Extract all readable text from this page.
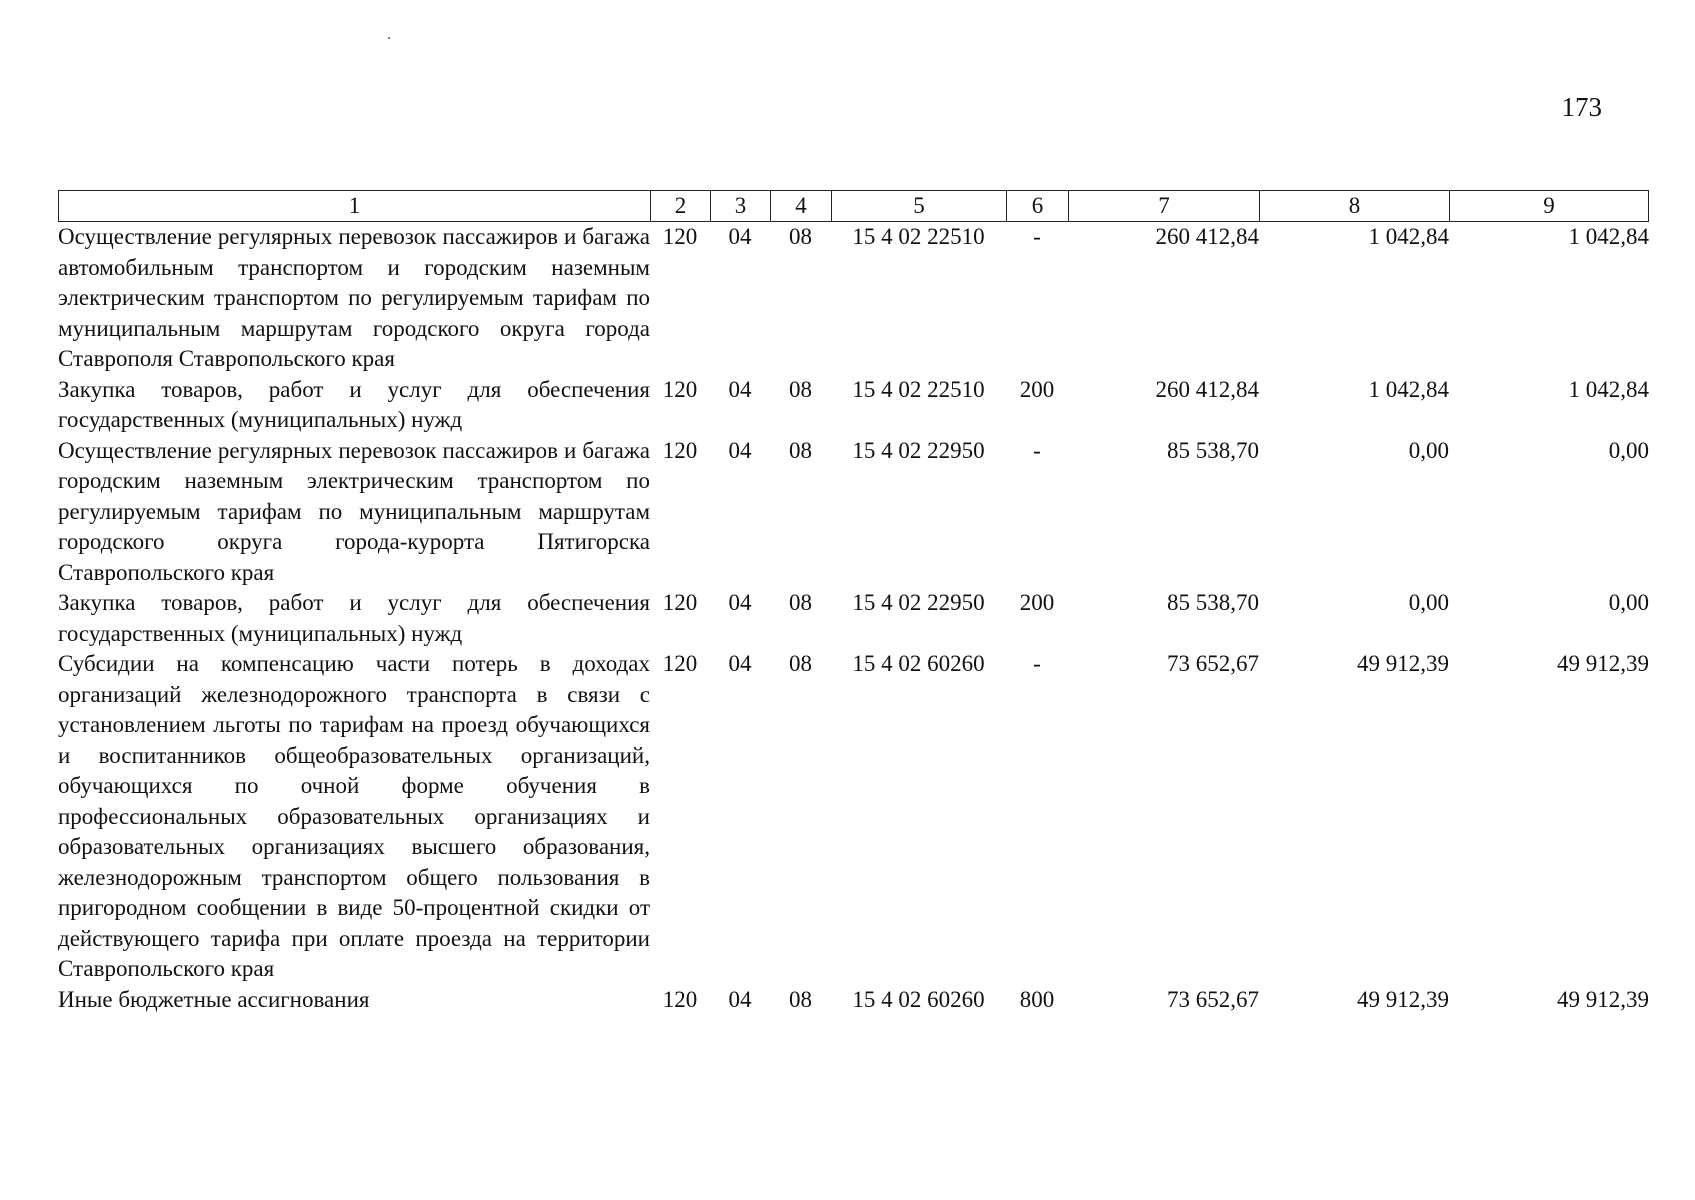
173
1	2	3	4	5	6	7	8	9
Осуществление регулярных перевозок пассажиров и багажа автомобильным транспортом и городским наземным электрическим транспортом по регулируемым тарифам по муниципальным маршрутам городского округа города Ставрополя Ставропольского края	120	04	08	15 4 02 22510	-	260 412,84	1 042,84	1 042,84
Закупка товаров, работ и услуг для обеспечения государственных (муниципальных) нужд	120	04	08	15 4 02 22510	200	260 412,84	1 042,84	1 042,84
Осуществление регулярных перевозок пассажиров и багажа городским наземным электрическим транспортом по регулируемым тарифам по муниципальным маршрутам городского округа города-курорта Пятигорска Ставропольского края	120	04	08	15 4 02 22950	-	85 538,70	0,00	0,00
Закупка товаров, работ и услуг для обеспечения государственных (муниципальных) нужд	120	04	08	15 4 02 22950	200	85 538,70	0,00	0,00
Субсидии на компенсацию части потерь в доходах организаций железнодорожного транспорта в связи с установлением льготы по тарифам на проезд обучающихся и воспитанников общеобразовательных организаций, обучающихся по очной форме обучения в профессиональных образовательных организациях и образовательных организациях высшего образования, железнодорожным транспортом общего пользования в пригородном сообщении в виде 50-процентной скидки от действующего тарифа при оплате проезда на территории Ставропольского края	120	04	08	15 4 02 60260	-	73 652,67	49 912,39	49 912,39
Иные бюджетные ассигнования	120	04	08	15 4 02 60260	800	73 652,67	49 912,39	49 912,39
